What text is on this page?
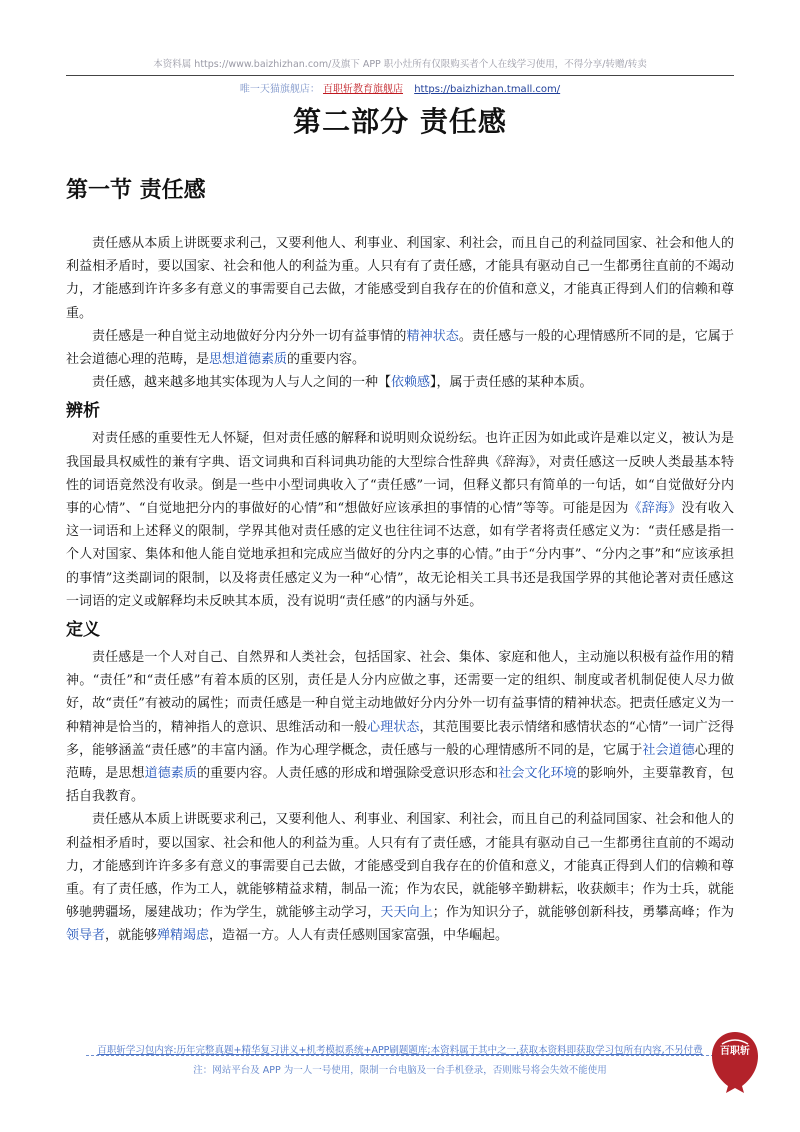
本资料属 https://www.baizhizhan.com/及旗下 APP 职小灶所有仅限购买者个人在线学习使用，不得分享/转赠/转卖
唯一天猫旗舰店： 百职斩教育旗舰店 https://baizhizhan.tmall.com/
第二部分 责任感
第一节 责任感

责任感从本质上讲既要求利己，又要利他人、利事业、利国家、利社会，而且自己的利益同国家、社会和他人的利益相矛盾时，要以国家、社会和他人的利益为重。人只有有了责任感，才能具有驱动自己一生都勇往直前的不竭动力，才能感到许许多多有意义的事需要自己去做，才能感受到自我存在的价值和意义，才能真正得到人们的信赖和尊重。

责任感是一种自觉主动地做好分内分外一切有益事情的精神状态。责任感与一般的心理情感所不同的是，它属于社会道德心理的范畴，是思想道德素质的重要内容。

责任感，越来越多地其实体现为人与人之间的一种【依赖感】，属于责任感的某种本质。

辨析

对责任感的重要性无人怀疑，但对责任感的解释和说明则众说纷纭。也许正因为如此或许是难以定义，被认为是我国最具权威性的兼有字典、语文词典和百科词典功能的大型综合性辞典《辞海》，对责任感这一反映人类最基本特性的词语竟然没有收录。倒是一些中小型词典收入了“责任感”一词，但释义都只有简单的一句话，如“自觉做好分内事的心情”、“自觉地把分内的事做好的心情”和“想做好应该承担的事情的心情”等等。可能是因为《辞海》没有收入这一词语和上述释义的限制，学界其他对责任感的定义也往往词不达意，如有学者将责任感定义为：“责任感是指一个人对国家、集体和他人能自觉地承担和完成应当做好的分内之事的心情。”由于“分内事”、“分内之事”和“应该承担的事情”这类副词的限制，以及将责任感定义为一种“心情”，故无论相关工具书还是我国学界的其他论著对责任感这一词语的定义或解释均未反映其本质，没有说明“责任感”的内涵与外延。

定义

责任感是一个人对自己、自然界和人类社会，包括国家、社会、集体、家庭和他人，主动施以积极有益作用的精神。“责任”和“责任感”有着本质的区别，责任是人分内应做之事，还需要一定的组织、制度或者机制促使人尽力做好，故“责任”有被动的属性；而责任感是一种自觉主动地做好分内分外一切有益事情的精神状态。把责任感定义为一种精神是恰当的，精神指人的意识、思维活动和一般心理状态，其范围要比表示情绪和感情状态的“心情”一词广泛得多，能够涵盖“责任感”的丰富内涵。作为心理学概念，责任感与一般的心理情感所不同的是，它属于社会道德心理的范畴，是思想道德素质的重要内容。人责任感的形成和增强除受意识形态和社会文化环境的影响外，主要靠教育，包括自我教育。

责任感从本质上讲既要求利己，又要利他人、利事业、利国家、利社会，而且自己的利益同国家、社会和他人的利益相矛盾时，要以国家、社会和他人的利益为重。人只有有了责任感，才能具有驱动自己一生都勇往直前的不竭动力，才能感到许许多多有意义的事需要自己去做，才能感受到自我存在的价值和意义，才能真正得到人们的信赖和尊重。有了责任感，作为工人，就能够精益求精，制品一流；作为农民，就能够辛勤耕耘，收获颇丰；作为士兵，就能够驰骋疆场，屡建战功；作为学生，就能够主动学习，天天向上；作为知识分子，就能够创新科技，勇攀高峰；作为领导者，就能够殚精竭虑，造福一方。人人有责任感则国家富强，中华崛起。

百职斩学习包内容:历年完整真题+精华复习讲义+机考模拟系统+APP刷题题库;本资料属于其中之一,获取本资料即获取学习包所有内容,不另付费
注：网站平台及 APP 为一人一号使用，限制一台电脑及一台手机登录，否则账号将会失效不能使用
百职斩
